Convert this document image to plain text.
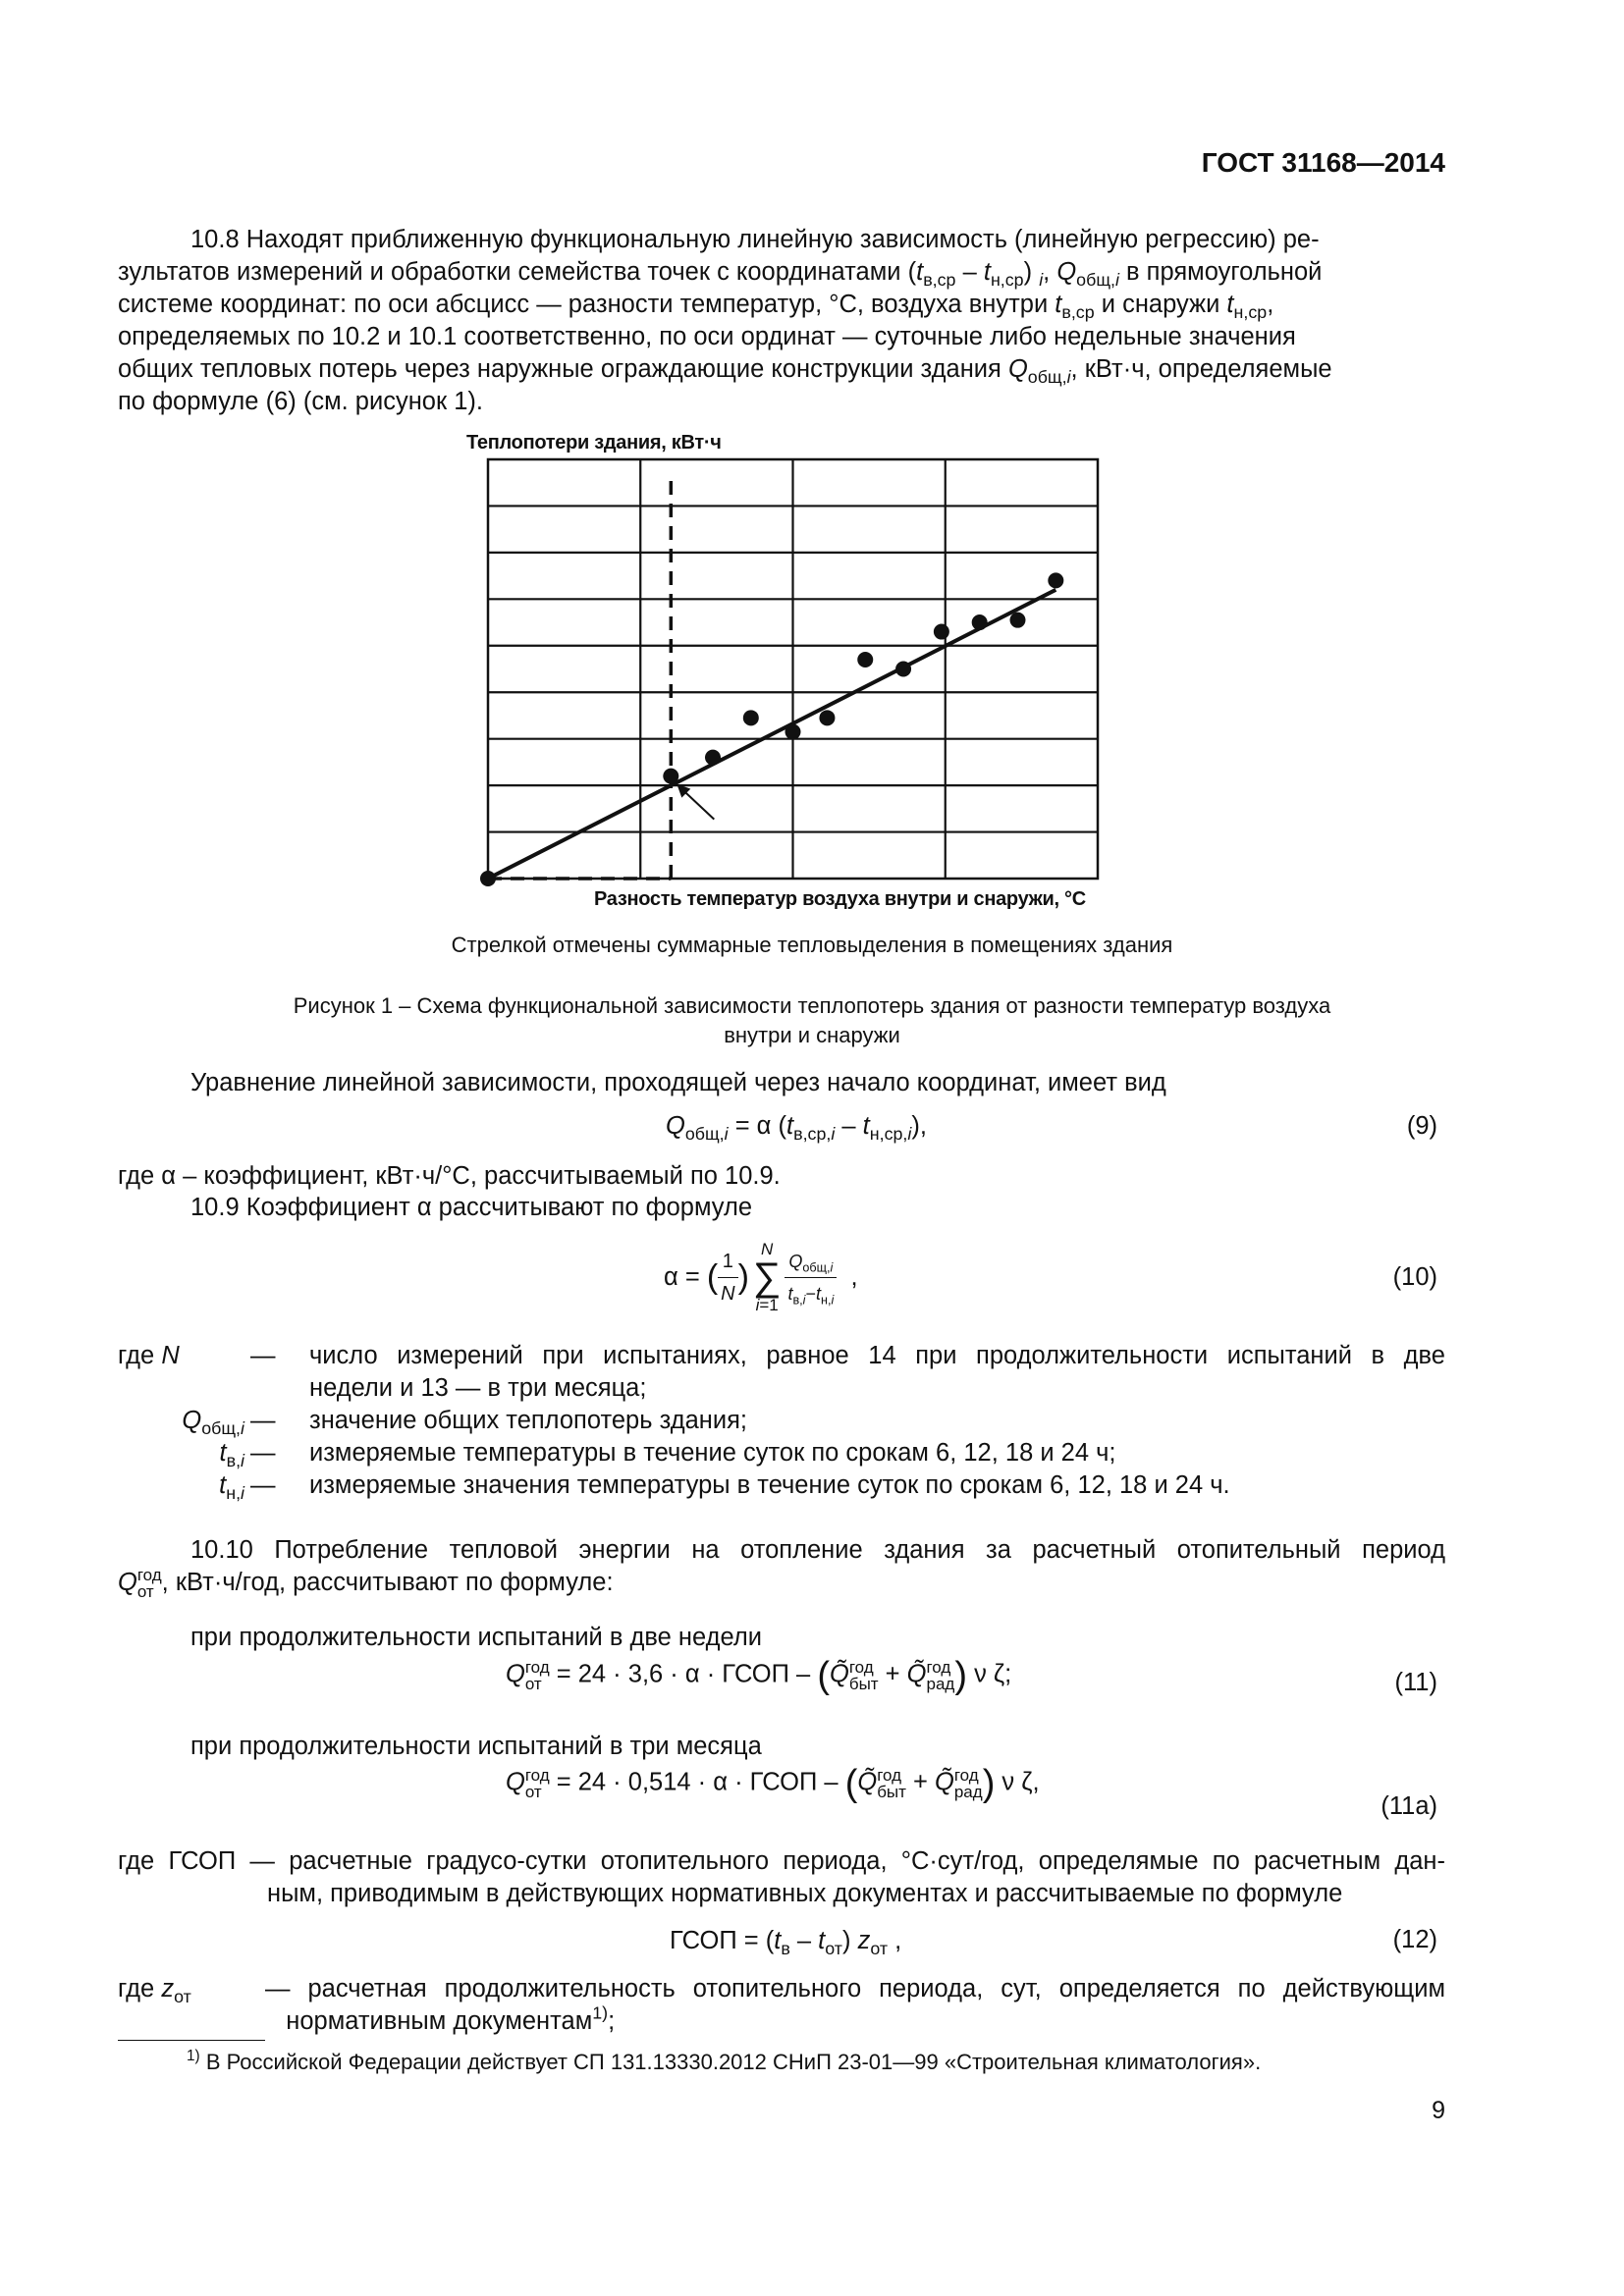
ГОСТ 31168—2014
10.8 Находят приближенную функциональную линейную зависимость (линейную регрессию) ре-
зультатов измерений и обработки семейства точек с координатами $(t_{в,ср} - t_{н,ср})$ $_i$, $Q_{общ,i}$ в прямоугольной
системе координат: по оси абсцисс — разности температур, °С, воздуха внутри $t_{в,ср}$ и снаружи $t_{н,ср}$,
определяемых по 10.2 и 10.1 соответственно, по оси ординат — суточные либо недельные значения
общих тепловых потерь через наружные ограждающие конструкции здания $Q_{общ,i}$, кВт·ч, определяемые
по формуле (6) (см. рисунок 1).
Теплопотери здания, кВт·ч
Разность температур воздуха внутри и снаружи, °С
Стрелкой отмечены суммарные тепловыделения в помещениях здания
Рисунок 1 – Схема функциональной зависимости теплопотерь здания от разности температур воздуха
внутри и снаружи
Уравнение линейной зависимости, проходящей через начало координат, имеет вид
$Q_{общ,i} = \alpha$ $(t_{в,ср,i} - t_{н,ср,i})$,	(9)
где α – коэффициент, кВт·ч/°С, рассчитываемый по 10.9.
10.9 Коэффициент α рассчитывают по формуле
α = ( $\frac{1}{N}$ )
N
∑
$i=1 \frac{Q_{общ,i}}{t_{в,i}-t_{н,i}}$ ,	(10)
где N	—	число измерений при испытаниях, равное 14 при продолжительности испытаний в две
недели и 13 — в три месяца;

$Q_{общ,i}$	—	значение общих теплопотерь здания;
$t_{в,i}$	—	измеряемые температуры в течение суток по срокам 6, 12, 18 и 24 ч;
$t_{н,i}$	—	измеряемые значения температуры в течение суток по срокам 6, 12, 18 и 24 ч.
10.10 Потребление тепловой энергии на отопление здания за расчетный отопительный период
Q год
от , кВт·ч/год, рассчитывают по формуле:
при продолжительности испытаний в две недели
Q год
от = 24 · 3,6 · α · ГСОП – (Q̃ год
быт + Q̃ год
рад ) ν ζ;	(11)
при продолжительности испытаний в три месяца
Q год
от = 24 · 0,514 · α · ГСОП – (Q̃ год
быт + Q̃ год
рад ) ν ζ,
(11а)
где ГСОП — расчетные градусо-сутки отопительного периода, °С·сут/год, определямые по расчетным дан-
ным, приводимым в действующих нормативных документах и рассчитываемые по формуле
ГСОП = $(t_в - t_{от})$ $z_{от}$ ,	(12)
где $z_{от}$	— расчетная продолжительность отопительного периода, сут, определяется по действующим
нормативным документам$^{1)}$;
$^{1)}$ В Российской Федерации действует СП 131.13330.2012 СНиП 23-01—99 «Строительная климатология».
9
